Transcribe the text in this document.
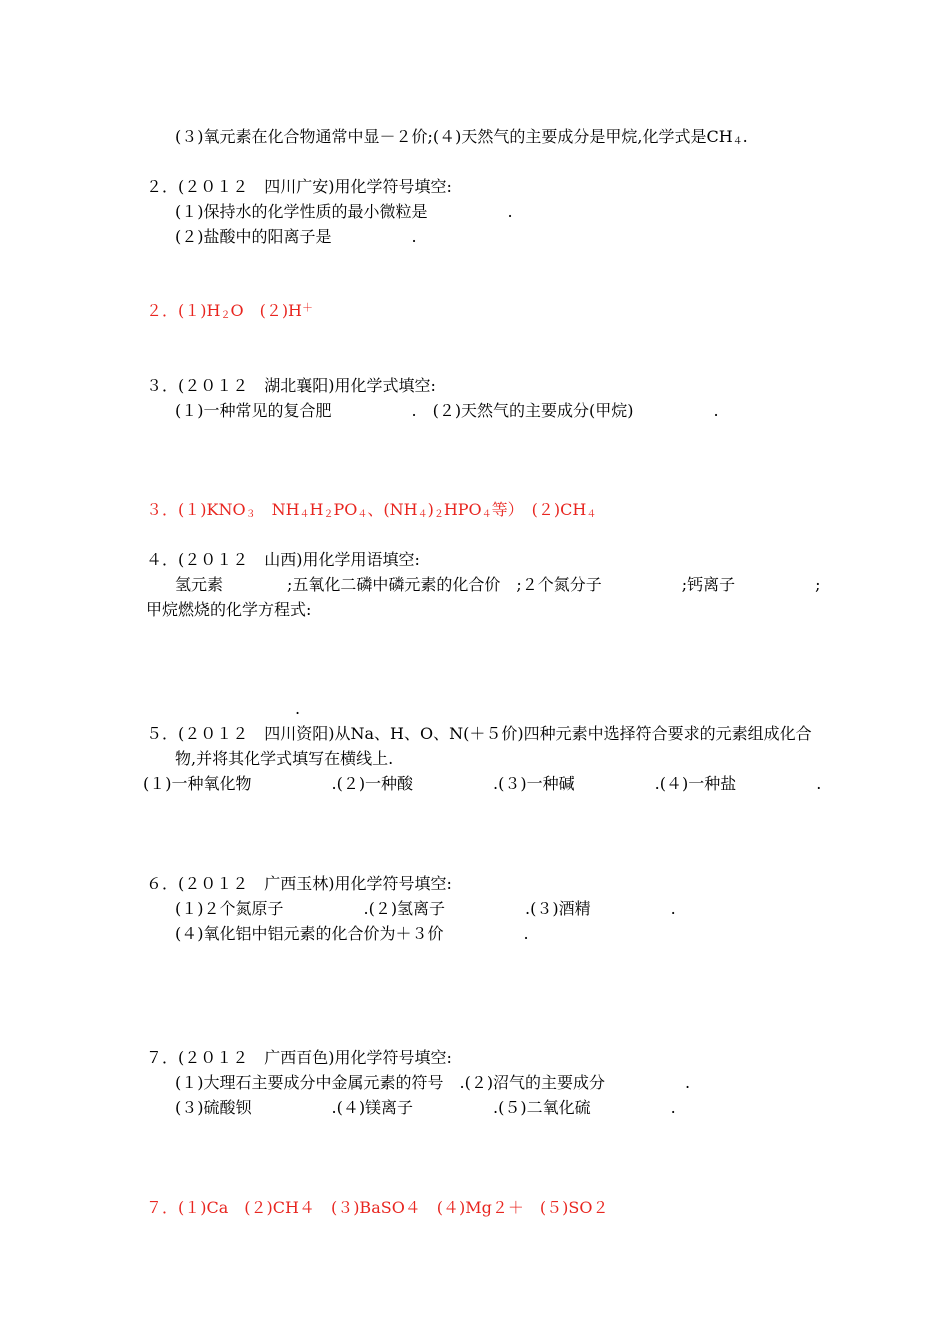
(３)氧元素在化合物通常中显－２价;(４)天然气的主要成分是甲烷,化学式是$CH_4$.
２．(２０１２　四川广安)用化学符号填空:
(１)保持水的化学性质的最小微粒是　　　　　.
(２)盐酸中的阳离子是　　　　　.
２．$(1)H_2O$　(２)H＋
３．(２０１２　湖北襄阳)用化学式填空:
(１)一种常见的复合肥　　　　　.　(２)天然气的主要成分(甲烷)　　　　　.
３．$(1)KNO_3$　$NH_4H_2PO_4$、$(NH_4)_2HPO_4$等）　$(2)CH_4$
４．(２０１２　山西)用化学用语填空:
氢元素　　　　;五氧化二磷中磷元素的化合价　;２个氮分子　　　　　;钙离子　　　　　;
甲烷燃烧的化学方程式:
.
５．(２０１２　四川资阳)从Na、H、O、N(＋５价)四种元素中选择符合要求的元素组成化合
物,并将其化学式填写在横线上.
(１)一种氧化物　　　　　.(２)一种酸　　　　　.(３)一种碱　　　　　.(４)一种盐　　　　　.
６．(２０１２　广西玉林)用化学符号填空:
(１)２个氮原子　　　　　.(２)氢离子　　　　　.(３)酒精　　　　　.
(４)氧化铝中铝元素的化合价为＋３价　　　　　.
７．(２０１２　广西百色)用化学符号填空:
(１)大理石主要成分中金属元素的符号　.(２)沼气的主要成分　　　　　.
(３)硫酸钡　　　　　.(４)镁离子　　　　　.(５)二氧化硫　　　　　.
７．(１)Ca　(２)CH４　(３)BaSO４　(４)Mg２＋　(５)SO２
